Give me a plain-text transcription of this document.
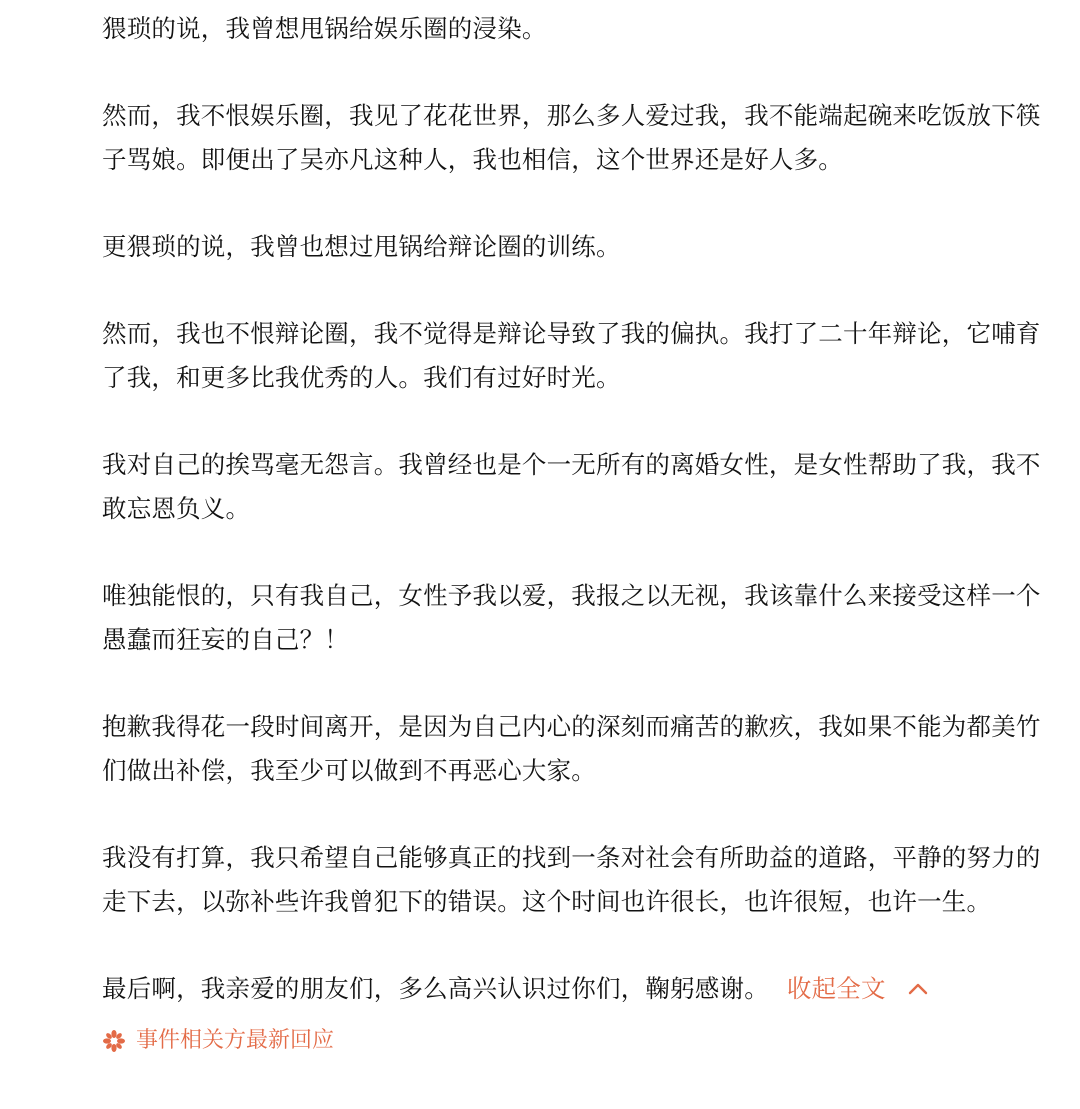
猥琐的说，我曾想甩锅给娱乐圈的浸染。

然而，我不恨娱乐圈，我见了花花世界，那么多人爱过我，我不能端起碗来吃饭放下筷子骂娘。即便出了吴亦凡这种人，我也相信，这个世界还是好人多。

更猥琐的说，我曾也想过甩锅给辩论圈的训练。

然而，我也不恨辩论圈，我不觉得是辩论导致了我的偏执。我打了二十年辩论，它哺育了我，和更多比我优秀的人。我们有过好时光。

我对自己的挨骂毫无怨言。我曾经也是个一无所有的离婚女性，是女性帮助了我，我不敢忘恩负义。

唯独能恨的，只有我自己，女性予我以爱，我报之以无视，我该靠什么来接受这样一个愚蠢而狂妄的自己？！

抱歉我得花一段时间离开，是因为自己内心的深刻而痛苦的歉疚，我如果不能为都美竹们做出补偿，我至少可以做到不再恶心大家。

我没有打算，我只希望自己能够真正的找到一条对社会有所助益的道路，平静的努力的走下去，以弥补些许我曾犯下的错误。这个时间也许很长，也许很短，也许一生。

最后啊，我亲爱的朋友们，多么高兴认识过你们，鞠躬感谢。 收起全文

事件相关方最新回应
